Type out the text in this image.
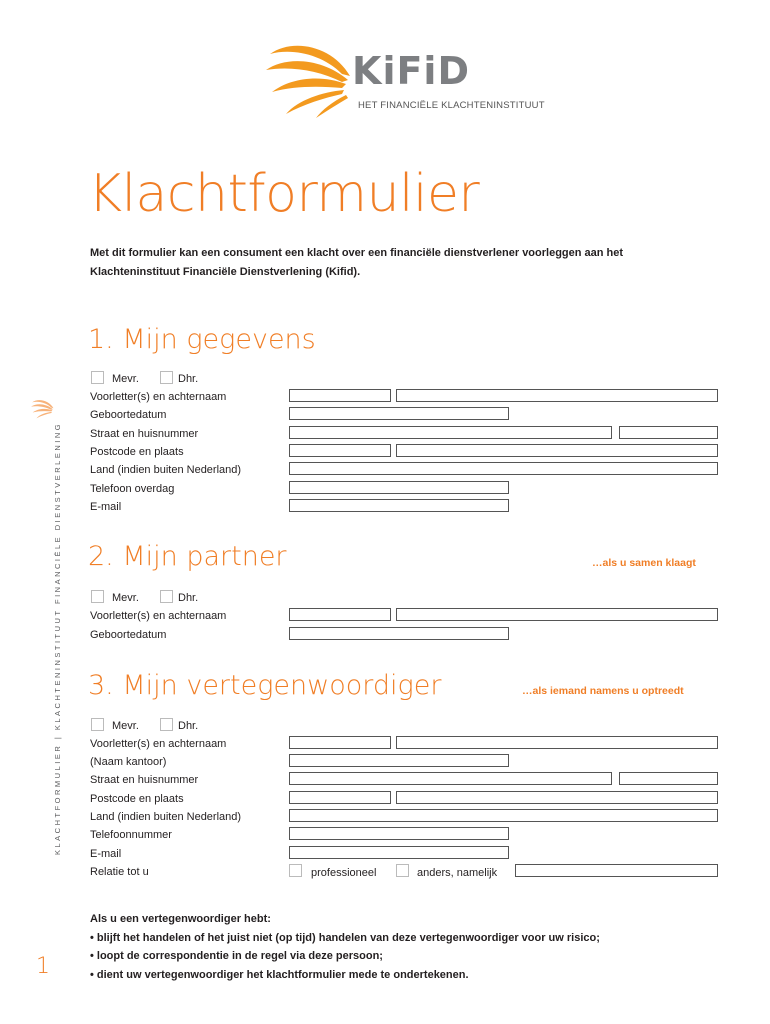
KiFiD
HET FINANCIËLE KLACHTENINSTITUUT
KLACHTFORMULIER | KLACHTENINSTITUUT FINANCIËLE DIENSTVERLENING
Klachtformulier
Met dit formulier kan een consument een klacht over een financiële dienstverlener voorleggen aan het Klachteninstituut Financiële Dienstverlening (Kifid).
1. Mijn gegevens
Mevr.	Dhr.
Voorletter(s) en achternaam
Geboortedatum
Straat en huisnummer
Postcode en plaats
Land (indien buiten Nederland)
Telefoon overdag
E-mail
2. Mijn partner	…als u samen klaagt
Mevr.	Dhr.
Voorletter(s) en achternaam
Geboortedatum
3. Mijn vertegenwoordiger	…als iemand namens u optreedt
Mevr.	Dhr.
Voorletter(s) en achternaam
(Naam kantoor)
Straat en huisnummer
Postcode en plaats
Land (indien buiten Nederland)
Telefoonnummer
E-mail
Relatie tot u	professioneel	anders, namelijk
Als u een vertegenwoordiger hebt:
• blijft het handelen of het juist niet (op tijd) handelen van deze vertegenwoordiger voor uw risico;
• loopt de correspondentie in de regel via deze persoon;
• dient uw vertegenwoordiger het klachtformulier mede te ondertekenen.
1
